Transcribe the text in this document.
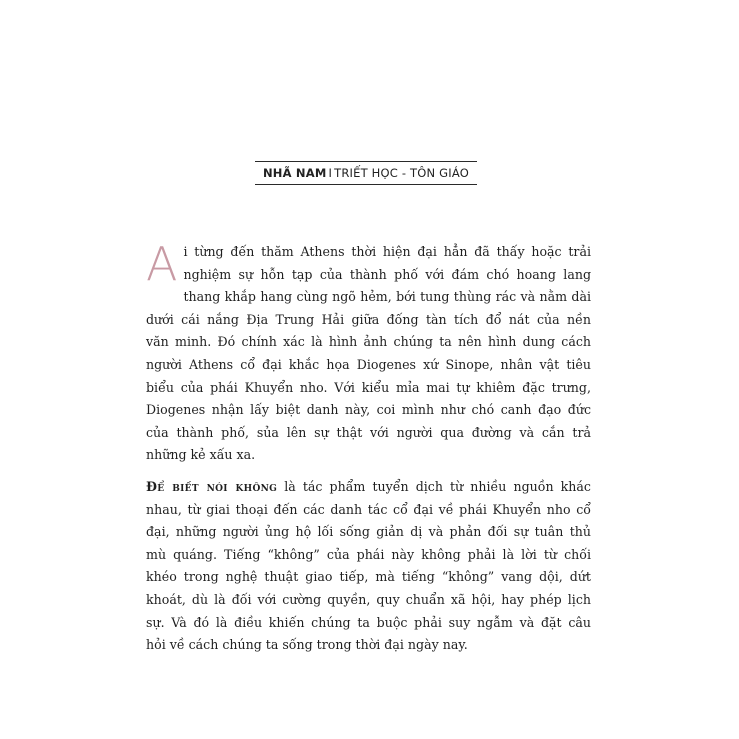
NHÃ NAM I TRIẾT HỌC - TÔN GIÁO
A i từng đến thăm Athens thời hiện đại hẳn đã thấy hoặc trải
nghiệm sự hỗn tạp của thành phố với đám chó hoang lang
thang khắp hang cùng ngõ hẻm, bới tung thùng rác và nằm dài
dưới cái nắng Địa Trung Hải giữa đống tàn tích đổ nát của nền
văn minh. Đó chính xác là hình ảnh chúng ta nên hình dung cách
người Athens cổ đại khắc họa Diogenes xứ Sinope, nhân vật tiêu
biểu của phái Khuyển nho. Với kiểu mỉa mai tự khiêm đặc trưng,
Diogenes nhận lấy biệt danh này, coi mình như chó canh đạo đức
của thành phố, sủa lên sự thật với người qua đường và cắn trả
những kẻ xấu xa.
Để biết nói không là tác phẩm tuyển dịch từ nhiều nguồn khác
nhau, từ giai thoại đến các danh tác cổ đại về phái Khuyển nho cổ
đại, những người ủng hộ lối sống giản dị và phản đối sự tuân thủ
mù quáng. Tiếng “không” của phái này không phải là lời từ chối
khéo trong nghệ thuật giao tiếp, mà tiếng “không” vang dội, dứt
khoát, dù là đối với cường quyền, quy chuẩn xã hội, hay phép lịch
sự. Và đó là điều khiến chúng ta buộc phải suy ngẫm và đặt câu
hỏi về cách chúng ta sống trong thời đại ngày nay.
